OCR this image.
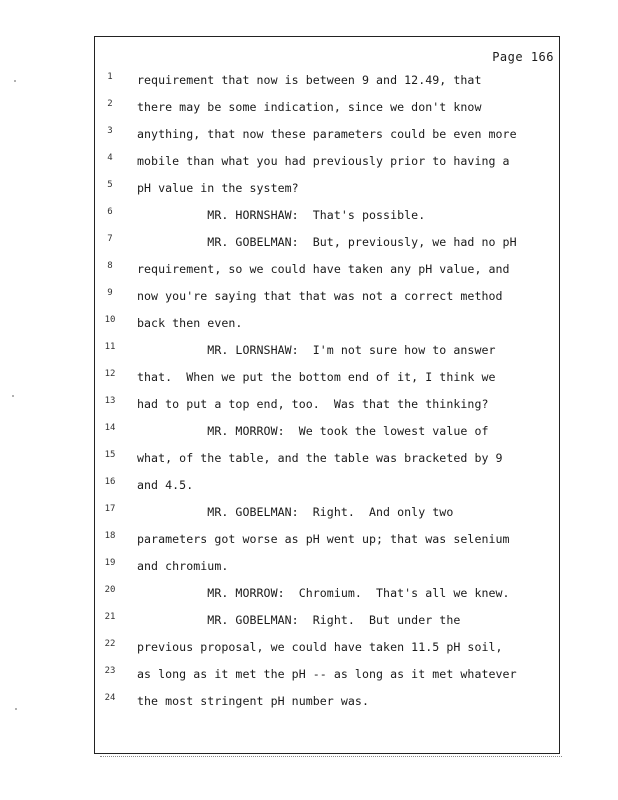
Page 166
1	requirement that now is between 9 and 12.49, that
2	there may be some indication, since we don't know
3	anything, that now these parameters could be even more
4	mobile than what you had previously prior to having a
5	pH value in the system?
6	MR. HORNSHAW:  That's possible.
7	MR. GOBELMAN:  But, previously, we had no pH
8	requirement, so we could have taken any pH value, and
9	now you're saying that that was not a correct method
10	back then even.
11	MR. LORNSHAW:  I'm not sure how to answer
12	that.  When we put the bottom end of it, I think we
13	had to put a top end, too.  Was that the thinking?
14	MR. MORROW:  We took the lowest value of
15	what, of the table, and the table was bracketed by 9
16	and 4.5.
17	MR. GOBELMAN:  Right.  And only two
18	parameters got worse as pH went up; that was selenium
19	and chromium.
20	MR. MORROW:  Chromium.  That's all we knew.
21	MR. GOBELMAN:  Right.  But under the
22	previous proposal, we could have taken 11.5 pH soil,
23	as long as it met the pH -- as long as it met whatever
24	the most stringent pH number was.
